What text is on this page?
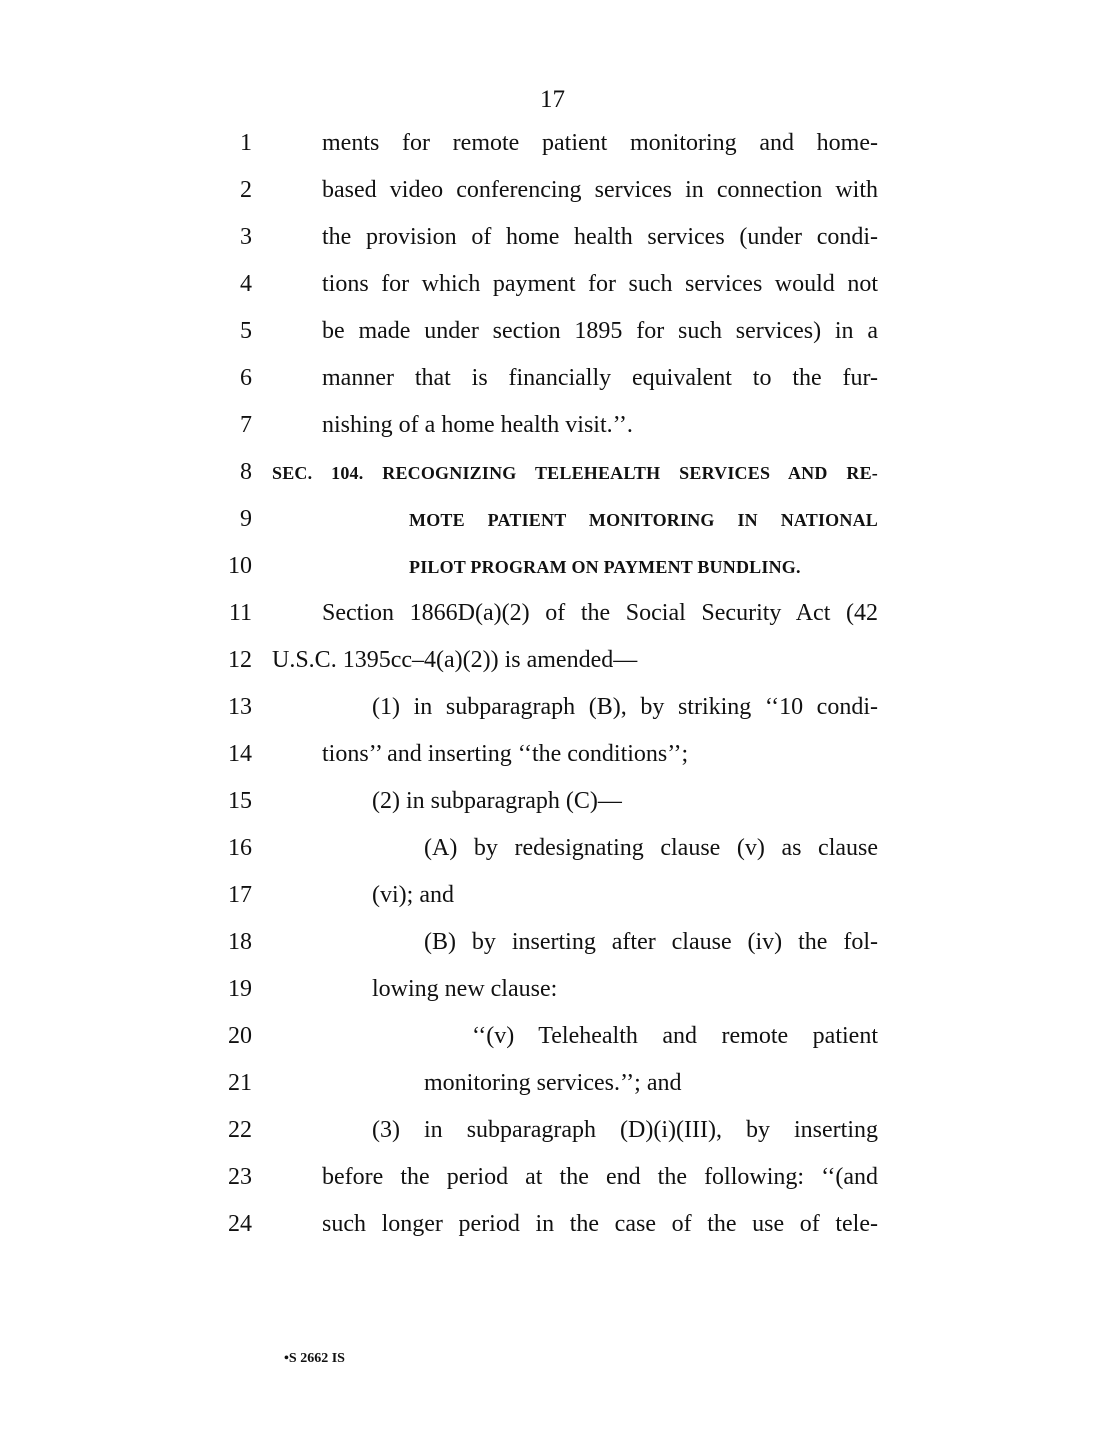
17
1	ments for remote patient monitoring and home-
2	based video conferencing services in connection with
3	the provision of home health services (under condi-
4	tions for which payment for such services would not
5	be made under section 1895 for such services) in a
6	manner that is financially equivalent to the fur-
7	nishing of a home health visit.’’.
8 SEC. 104. RECOGNIZING TELEHEALTH SERVICES AND RE-
9	MOTE PATIENT MONITORING IN NATIONAL
10	PILOT PROGRAM ON PAYMENT BUNDLING.
11	Section 1866D(a)(2) of the Social Security Act (42
12 U.S.C. 1395cc–4(a)(2)) is amended—
13	(1) in subparagraph (B), by striking ‘‘10 condi-
14	tions’’ and inserting ‘‘the conditions’’;
15	(2) in subparagraph (C)—
16	(A) by redesignating clause (v) as clause
17	(vi); and
18	(B) by inserting after clause (iv) the fol-
19	lowing new clause:
20	‘‘(v) Telehealth and remote patient
21	monitoring services.’’; and
22	(3) in subparagraph (D)(i)(III), by inserting
23	before the period at the end the following: ‘‘(and
24	such longer period in the case of the use of tele-
•S 2662 IS
